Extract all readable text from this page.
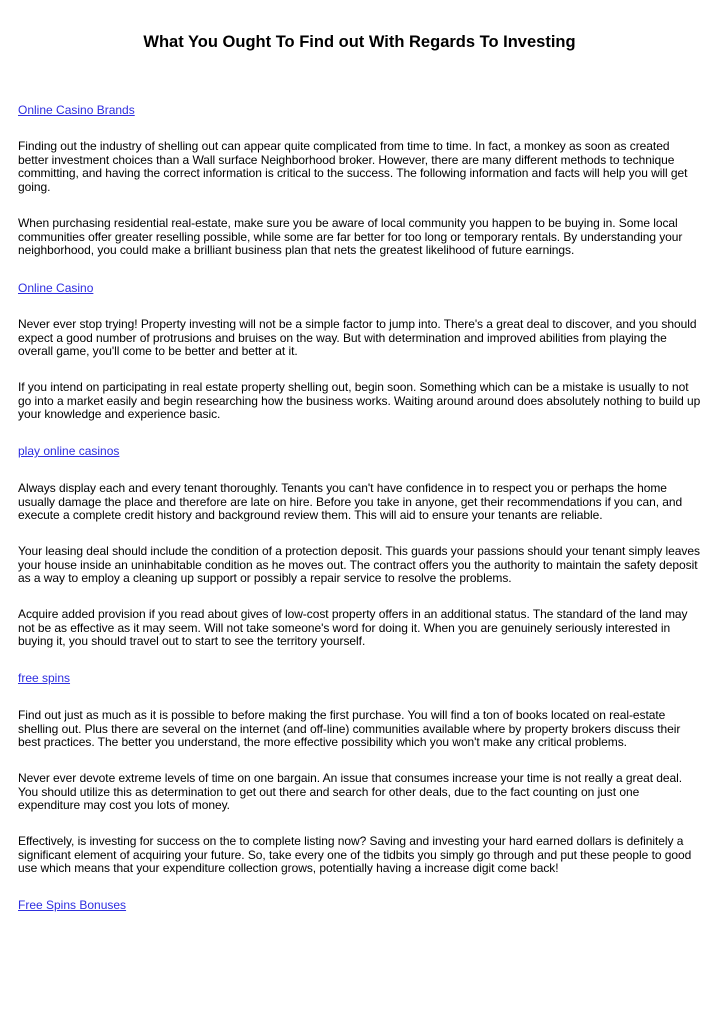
What You Ought To Find out With Regards To Investing
Online Casino Brands

Finding out the industry of shelling out can appear quite complicated from time to time. In fact, a monkey as soon as created better investment choices than a Wall surface Neighborhood broker. However, there are many different methods to technique committing, and having the correct information is critical to the success. The following information and facts will help you will get going.

When purchasing residential real-estate, make sure you be aware of local community you happen to be buying in. Some local communities offer greater reselling possible, while some are far better for too long or temporary rentals. By understanding your neighborhood, you could make a brilliant business plan that nets the greatest likelihood of future earnings.

Online Casino

Never ever stop trying! Property investing will not be a simple factor to jump into. There's a great deal to discover, and you should expect a good number of protrusions and bruises on the way. But with determination and improved abilities from playing the overall game, you'll come to be better and better at it.

If you intend on participating in real estate property shelling out, begin soon. Something which can be a mistake is usually to not go into a market easily and begin researching how the business works. Waiting around around does absolutely nothing to build up your knowledge and experience basic.

play online casinos

Always display each and every tenant thoroughly. Tenants you can't have confidence in to respect you or perhaps the home usually damage the place and therefore are late on hire. Before you take in anyone, get their recommendations if you can, and execute a complete credit history and background review them. This will aid to ensure your tenants are reliable.

Your leasing deal should include the condition of a protection deposit. This guards your passions should your tenant simply leaves your house inside an uninhabitable condition as he moves out. The contract offers you the authority to maintain the safety deposit as a way to employ a cleaning up support or possibly a repair service to resolve the problems.

Acquire added provision if you read about gives of low-cost property offers in an additional status. The standard of the land may not be as effective as it may seem. Will not take someone's word for doing it. When you are genuinely seriously interested in buying it, you should travel out to start to see the territory yourself.

free spins

Find out just as much as it is possible to before making the first purchase. You will find a ton of books located on real-estate shelling out. Plus there are several on the internet (and off-line) communities available where by property brokers discuss their best practices. The better you understand, the more effective possibility which you won't make any critical problems.

Never ever devote extreme levels of time on one bargain. An issue that consumes increase your time is not really a great deal. You should utilize this as determination to get out there and search for other deals, due to the fact counting on just one expenditure may cost you lots of money.

Effectively, is investing for success on the to complete listing now? Saving and investing your hard earned dollars is definitely a significant element of acquiring your future. So, take every one of the tidbits you simply go through and put these people to good use which means that your expenditure collection grows, potentially having a increase digit come back!

Free Spins Bonuses
